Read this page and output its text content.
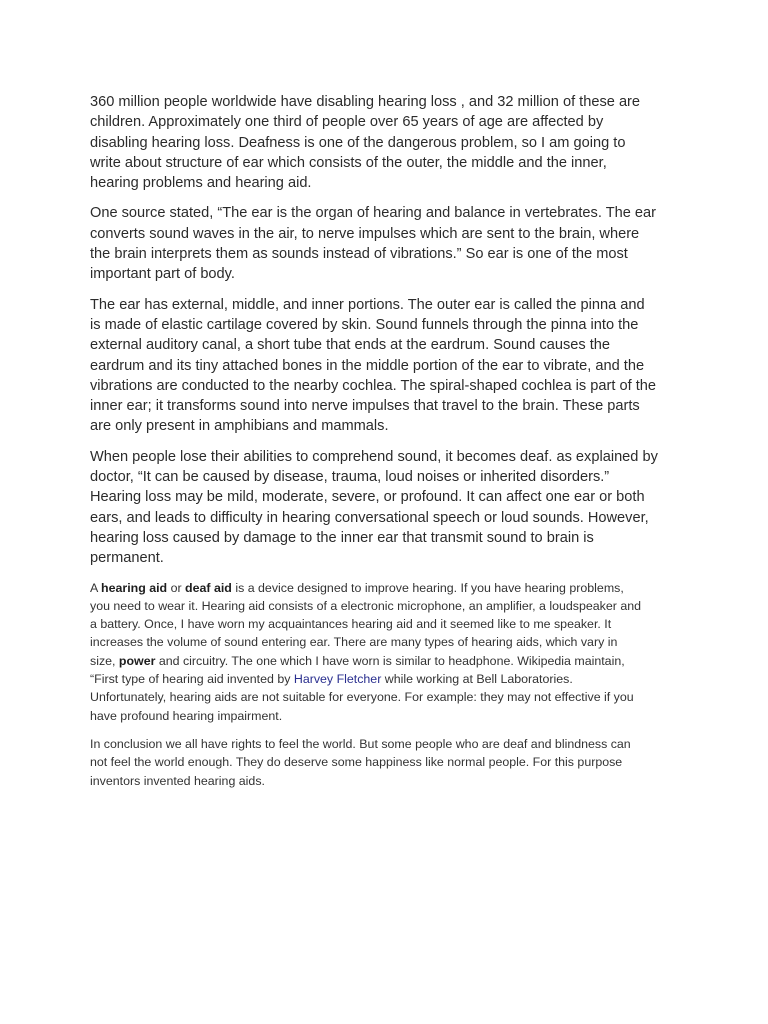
360 million people worldwide have disabling hearing loss , and 32 million of these are
children. Approximately one third of people over 65 years of age are affected by
disabling hearing loss. Deafness is one of the dangerous problem, so I am going to
write about structure of ear which consists of the outer, the middle and the inner,
hearing problems and hearing aid.

One source stated, “The ear is the organ of hearing and balance in vertebrates. The ear
converts sound waves in the air, to nerve impulses which are sent to the brain, where
the brain interprets them as sounds instead of vibrations.” So ear is one of the most
important part of body.

The ear has external, middle, and inner portions. The outer ear is called the pinna and
is made of elastic cartilage covered by skin. Sound funnels through the pinna into the
external auditory canal, a short tube that ends at the eardrum. Sound causes the
eardrum and its tiny attached bones in the middle portion of the ear to vibrate, and the
vibrations are conducted to the nearby cochlea. The spiral-shaped cochlea is part of the
inner ear; it transforms sound into nerve impulses that travel to the brain. These parts
are only present in amphibians and mammals.

When people lose their abilities to comprehend sound, it becomes deaf. as explained by
doctor, “It can be caused by disease, trauma, loud noises or inherited disorders.”
Hearing loss may be mild, moderate, severe, or profound. It can affect one ear or both
ears, and leads to difficulty in hearing conversational speech or loud sounds. However,
hearing loss caused by damage to the inner ear that transmit sound to brain is
permanent.

A hearing aid or deaf aid is a device designed to improve hearing. If you have hearing problems,
you need to wear it. Hearing aid consists of a electronic microphone, an amplifier, a loudspeaker and
a battery. Once, I have worn my acquaintances hearing aid and it seemed like to me speaker. It
increases the volume of sound entering ear. There are many types of hearing aids, which vary in
size, power and circuitry. The one which I have worn is similar to headphone. Wikipedia maintain,
“First type of hearing aid invented by Harvey Fletcher while working at Bell Laboratories.
Unfortunately, hearing aids are not suitable for everyone. For example: they may not effective if you
have profound hearing impairment.

In conclusion we all have rights to feel the world. But some people who are deaf and blindness can
not feel the world enough. They do deserve some happiness like normal people. For this purpose
inventors invented hearing aids.
